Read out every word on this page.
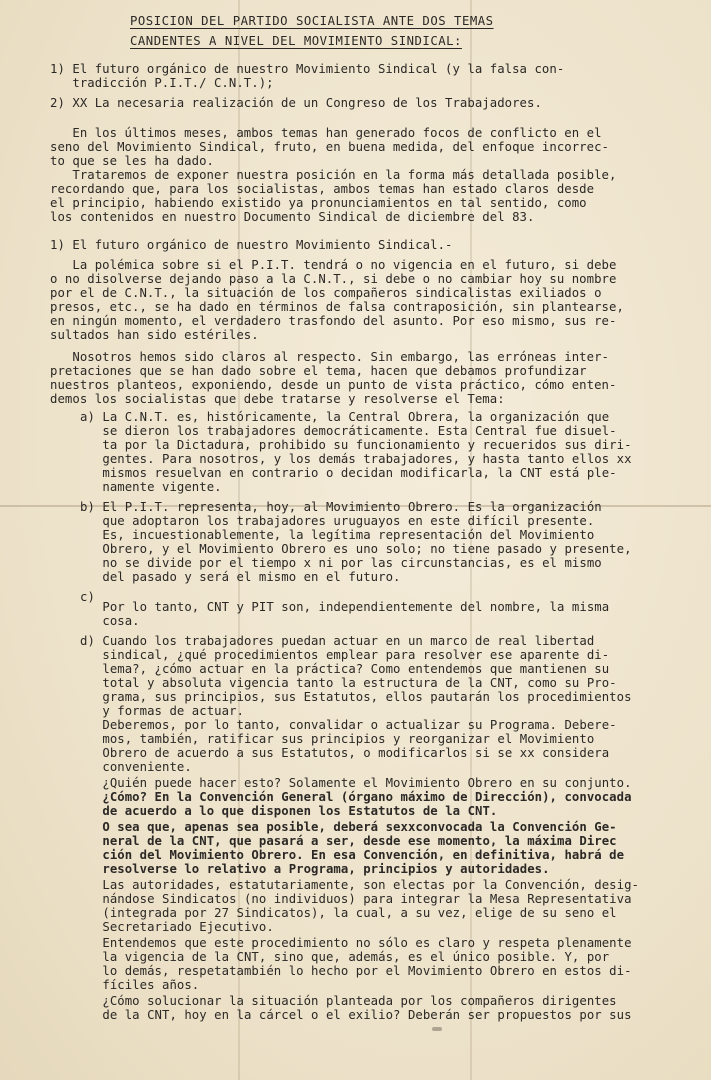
POSICION DEL PARTIDO SOCIALISTA ANTE DOS TEMAS
CANDENTES A NIVEL DEL MOVIMIENTO SINDICAL:
1) El futuro orgánico de nuestro Movimiento Sindical (y la falsa con-
tradicción P.I.T./ C.N.T.);
2) XX La necesaria realización de un Congreso de los Trabajadores.
En los últimos meses, ambos temas han generado focos de conflicto en el
seno del Movimiento Sindical, fruto, en buena medida, del enfoque incorrec-
to que se les ha dado.
Trataremos de exponer nuestra posición en la forma más detallada posible,
recordando que, para los socialistas, ambos temas han estado claros desde
el principio, habiendo existido ya pronunciamientos en tal sentido, como
los contenidos en nuestro Documento Sindical de diciembre del 83.
1) El futuro orgánico de nuestro Movimiento Sindical.-
La polémica sobre si el P.I.T. tendrá o no vigencia en el futuro, si debe
o no disolverse dejando paso a la C.N.T., si debe o no cambiar hoy su nombre
por el de C.N.T., la situación de los compañeros sindicalistas exiliados o
presos, etc., se ha dado en términos de falsa contraposición, sin plantearse,
en ningún momento, el verdadero trasfondo del asunto. Por eso mismo, sus re-
sultados han sido estériles.
Nosotros hemos sido claros al respecto. Sin embargo, las erróneas inter-
pretaciones que se han dado sobre el tema, hacen que debamos profundizar
nuestros planteos, exponiendo, desde un punto de vista práctico, cómo enten-
demos los socialistas que debe tratarse y resolverse el Tema:
a) La C.N.T. es, históricamente, la Central Obrera, la organización que
se dieron los trabajadores democráticamente. Esta Central fue disuel-
ta por la Dictadura, prohibido su funcionamiento y recueridos sus diri-
gentes. Para nosotros, y los demás trabajadores, y hasta tanto ellos xx
mismos resuelvan en contrario o decidan modificarla, la CNT está ple-
namente vigente.
b) El P.I.T. representa, hoy, al Movimiento Obrero. Es la organización
que adoptaron los trabajadores uruguayos en este difícil presente.
Es, incuestionablemente, la legítima representación del Movimiento
Obrero, y el Movimiento Obrero es uno solo; no tiene pasado y presente,
no se divide por el tiempo x ni por las circunstancias, es el mismo
del pasado y será el mismo en el futuro.
c)
Por lo tanto, CNT y PIT son, independientemente del nombre, la misma
cosa.
d) Cuando los trabajadores puedan actuar en un marco de real libertad
sindical, ¿qué procedimientos emplear para resolver ese aparente di-
lema?, ¿cómo actuar en la práctica? Como entendemos que mantienen su
total y absoluta vigencia tanto la estructura de la CNT, como su Pro-
grama, sus principios, sus Estatutos, ellos pautarán los procedimientos
y formas de actuar.
Deberemos, por lo tanto, convalidar o actualizar su Programa. Debere-
mos, también, ratificar sus principios y reorganizar el Movimiento
Obrero de acuerdo a sus Estatutos, o modificarlos si se xx considera
conveniente.
¿Quién puede hacer esto? Solamente el Movimiento Obrero en su conjunto.
¿Cómo? En la Convención General (órgano máximo de Dirección), convocada
de acuerdo a lo que disponen los Estatutos de la CNT.
O sea que, apenas sea posible, deberá sexxconvocada la Convención Ge-
neral de la CNT, que pasará a ser, desde ese momento, la máxima Direc
ción del Movimiento Obrero. En esa Convención, en definitiva, habrá de
resolverse lo relativo a Programa, principios y autoridades.
Las autoridades, estatutariamente, son electas por la Convención, desig-
nándose Sindicatos (no individuos) para integrar la Mesa Representativa
(integrada por 27 Sindicatos), la cual, a su vez, elige de su seno el
Secretariado Ejecutivo.
Entendemos que este procedimiento no sólo es claro y respeta plenamente
la vigencia de la CNT, sino que, además, es el único posible. Y, por
lo demás, respetatambién lo hecho por el Movimiento Obrero en estos di-
fíciles años.
¿Cómo solucionar la situación planteada por los compañeros dirigentes
de la CNT, hoy en la cárcel o el exilio? Deberán ser propuestos por sus
